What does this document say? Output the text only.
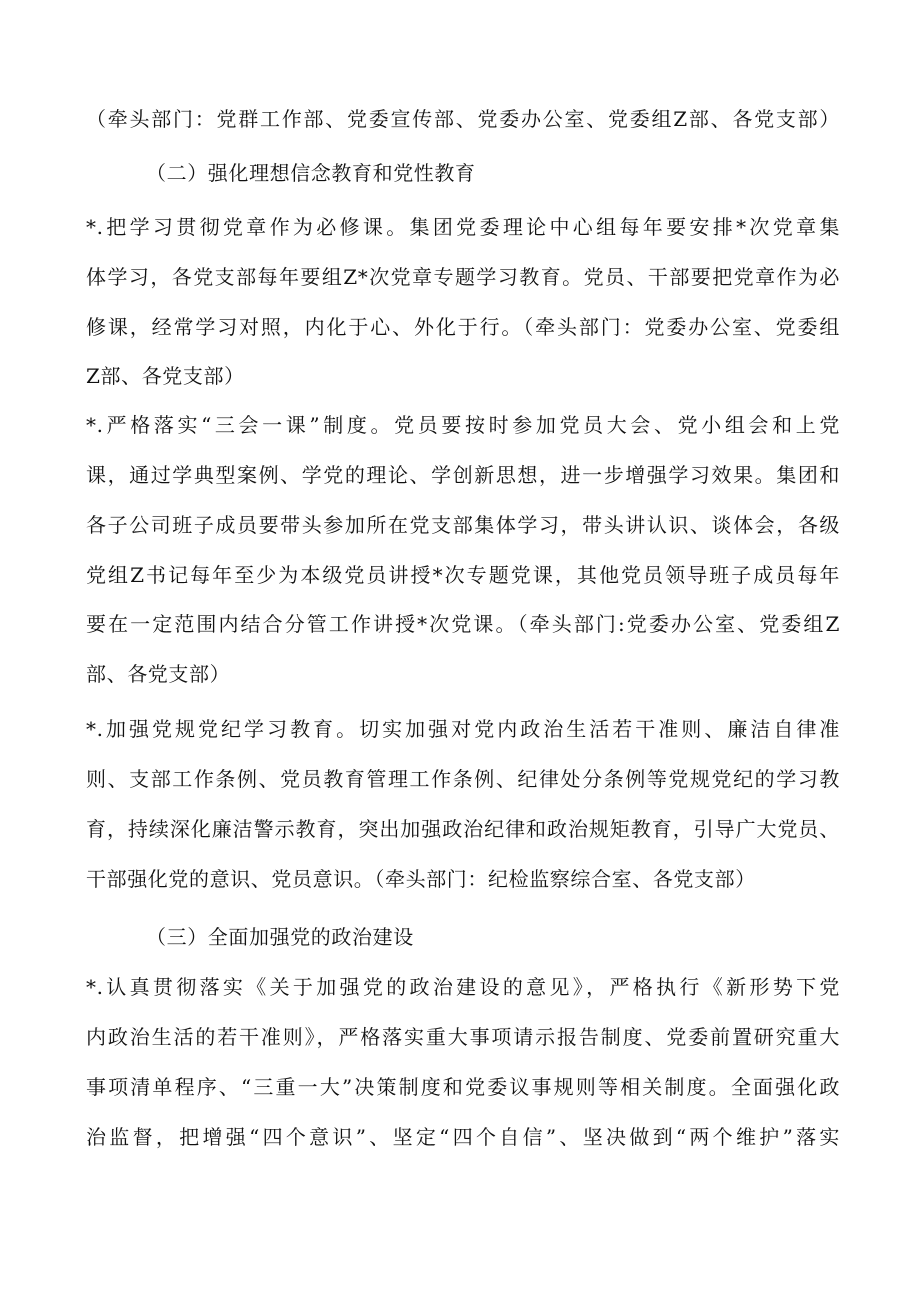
（牵头部门：党群工作部、党委宣传部、党委办公室、党委组Z部、各党支部）
（二）强化理想信念教育和党性教育
*.把学习贯彻党章作为必修课。集团党委理论中心组每年要安排*次党章集
体学习，各党支部每年要组Z*次党章专题学习教育。党员、干部要把党章作为必
修课，经常学习对照，内化于心、外化于行。（牵头部门：党委办公室、党委组
Z部、各党支部）
*.严格落实“三会一课”制度。党员要按时参加党员大会、党小组会和上党
课，通过学典型案例、学党的理论、学创新思想，进一步增强学习效果。集团和
各子公司班子成员要带头参加所在党支部集体学习，带头讲认识、谈体会，各级
党组Z书记每年至少为本级党员讲授*次专题党课，其他党员领导班子成员每年
要在一定范围内结合分管工作讲授*次党课。（牵头部门:党委办公室、党委组Z
部、各党支部）
*.加强党规党纪学习教育。切实加强对党内政治生活若干准则、廉洁自律准
则、支部工作条例、党员教育管理工作条例、纪律处分条例等党规党纪的学习教
育，持续深化廉洁警示教育，突出加强政治纪律和政治规矩教育，引导广大党员、
干部强化党的意识、党员意识。（牵头部门：纪检监察综合室、各党支部）
（三）全面加强党的政治建设
*.认真贯彻落实《关于加强党的政治建设的意见》，严格执行《新形势下党
内政治生活的若干准则》，严格落实重大事项请示报告制度、党委前置研究重大
事项清单程序、“三重一大”决策制度和党委议事规则等相关制度。全面强化政
治监督，把增强“四个意识”、坚定“四个自信”、坚决做到“两个维护”落实
